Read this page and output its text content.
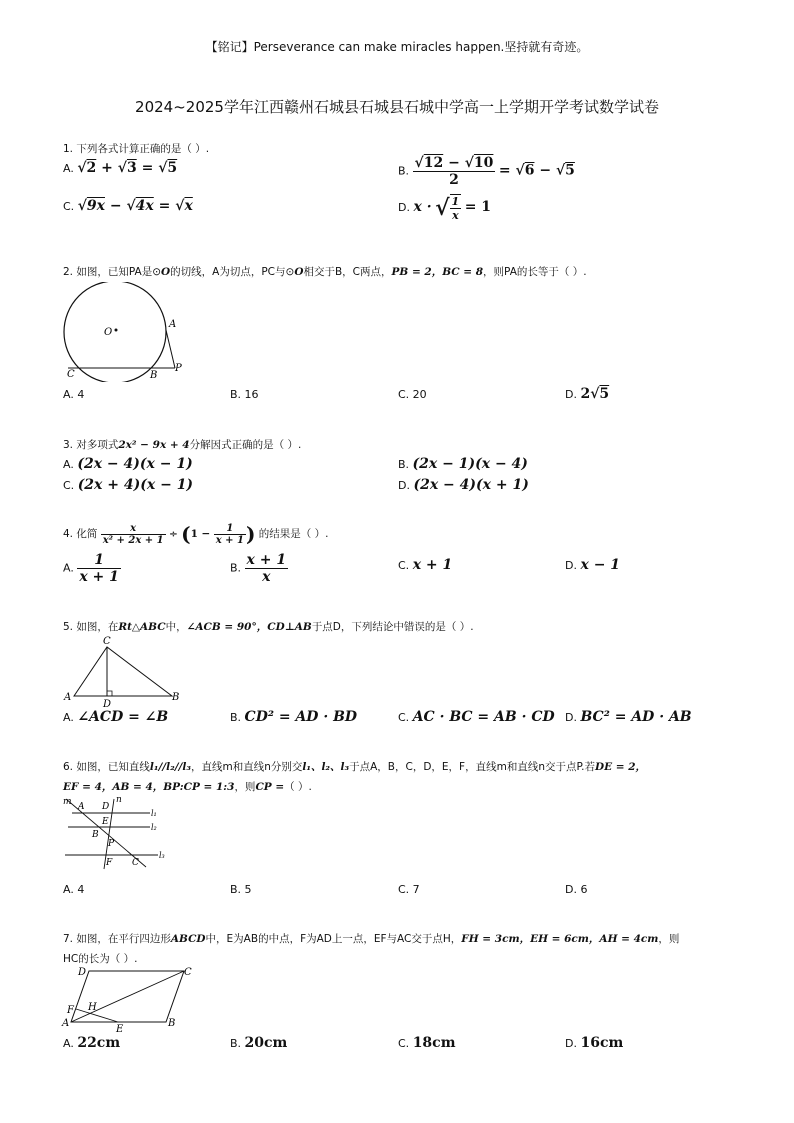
【铭记】Perseverance can make miracles happen.坚持就有奇迹。
2024~2025学年江西赣州石城县石城县石城中学高一上学期开学考试数学试卷
1. 下列各式计算正确的是（ ）.
A. √2 + √3 = √5	B. $\frac{√12 - √10}{2} = √6 - √5$
C. √9x − √4x = √x	D. x · √ $\frac{1}{x} = 1$
2. 如图，已知PA是⊙O的切线，A为切点，PC与⊙O相交于B，C两点，PB = 2，BC = 8，则PA的长等于（ ）.
O
A
C	B
P
A. 4	B. 16	C. 20	D. 2√5
3. 对多项式2x² − 9x + 4分解因式正确的是（ ）.
A. (2x − 4)(x − 1)	B. (2x − 1)(x − 4)
C. (2x + 4)(x − 1)	D. (2x − 4)(x + 1)
4. 化简 $\frac{x}{\text{x² + 2x + 1}} \div (1 - \frac{1}{x + 1}$ ) 的结果是（ ）.
A. $\frac{1}{x + 1}$	B. $\frac{x + 1}{x}$	C. x + 1	D. x − 1
5. 如图，在Rt△ABC中，∠ACB = 90°，CD⊥AB于点D，下列结论中错误的是（ ）.
C
A
D
B
A. ∠ACD = ∠B	B. CD² = AD · BD	C. AC · BC = AB · CD D. BC² = AD · AB
6. 如图，已知直线l₁//l₂//l₃，直线m和直线n分别交l₁、l₂、l₃于点A，B，C，D，E，F，直线m和直线n交于点P.若DE = 2，
EF = 4，AB = 4，BP:CP = 1:3，则CP =（ ）.
m	n
A D
E
B
P
F C
l₁
l₂
l₃
A. 4	B. 5	C. 7	D. 6
7. 如图，在平行四边形ABCD中，E为AB的中点，F为AD上一点，EF与AC交于点H，FH = 3cm，EH = 6cm，AH = 4cm，则
HC的长为（ ）.
D	C
F H
A
E
B
A. 22cm	B. 20cm	C. 18cm	D. 16cm
